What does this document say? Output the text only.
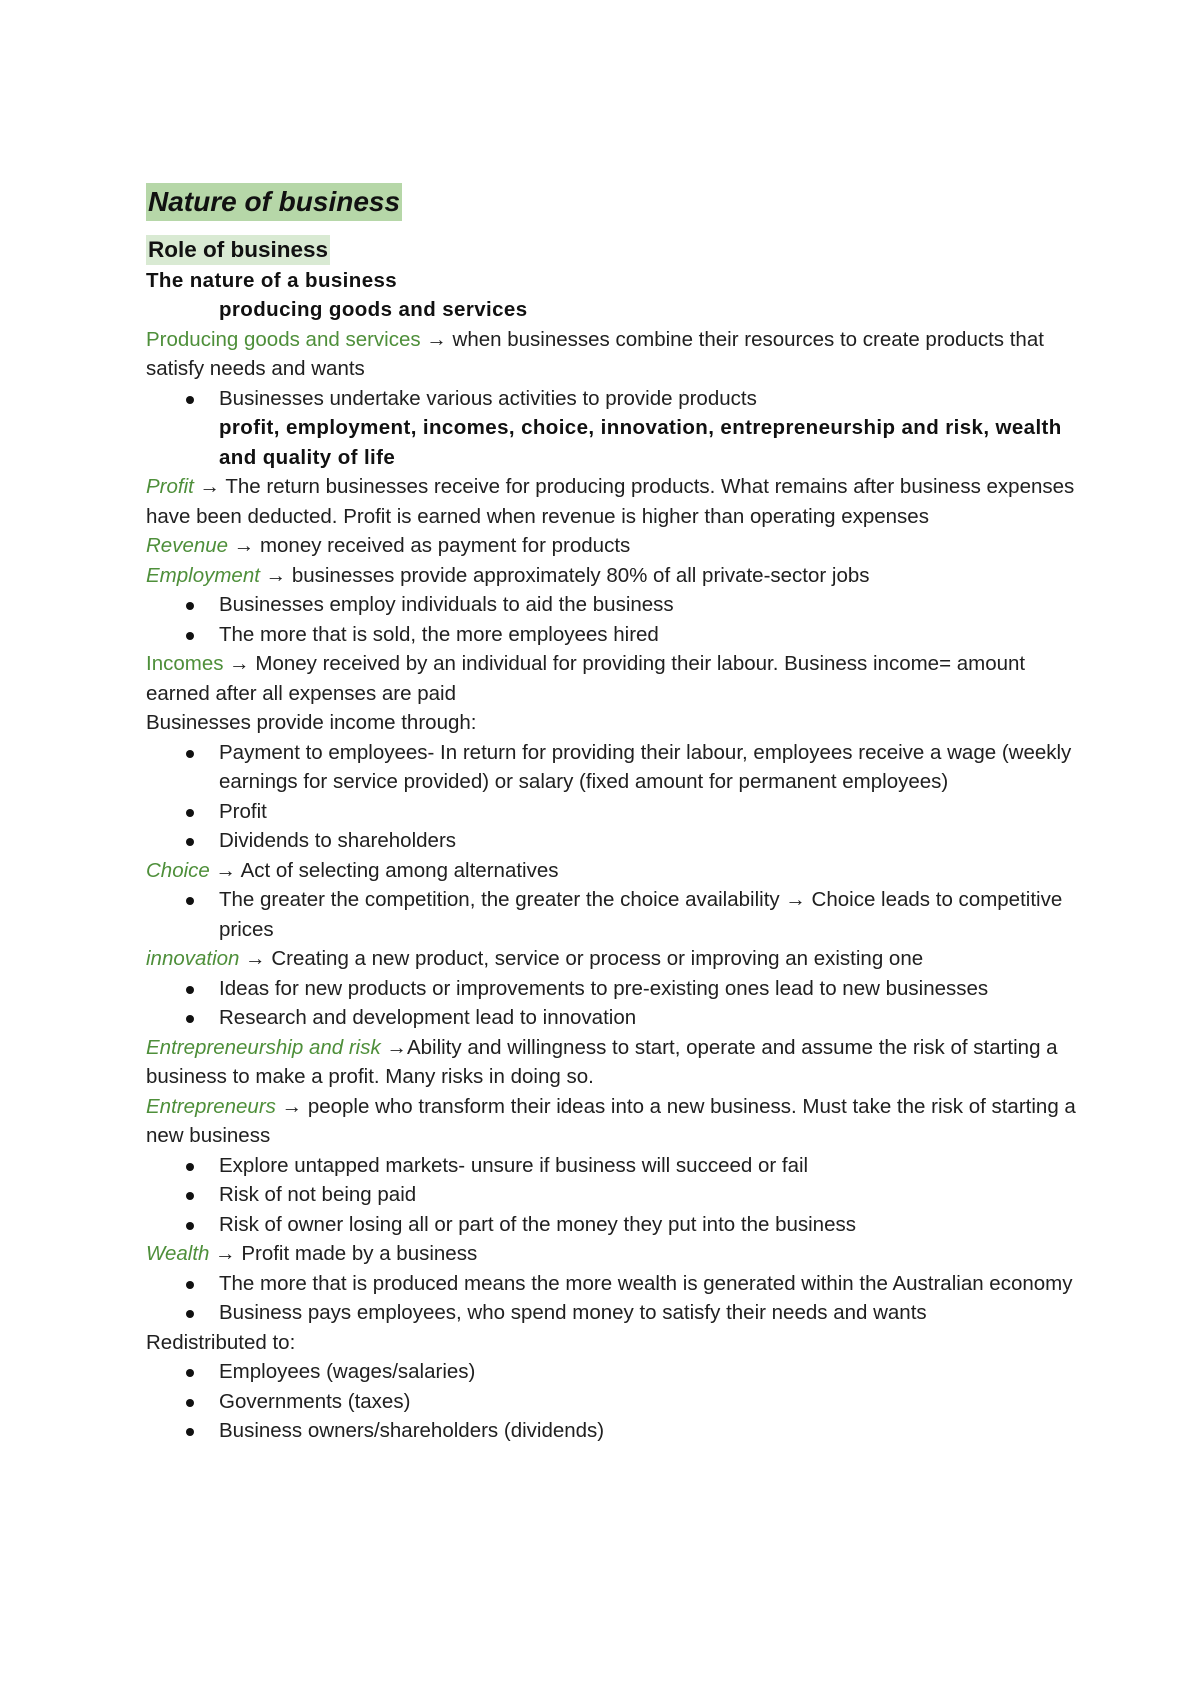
Nature of business
Role of business

The nature of a business

producing goods and services

Producing goods and services → when businesses combine their resources to create products that satisfy needs and wants

Businesses undertake various activities to provide products

profit, employment, incomes, choice, innovation, entrepreneurship and risk, wealth and quality of life

Profit → The return businesses receive for producing products. What remains after business expenses have been deducted. Profit is earned when revenue is higher than operating expenses

Revenue → money received as payment for products

Employment → businesses provide approximately 80% of all private-sector jobs

Businesses employ individuals to aid the business
The more that is sold, the more employees hired

Incomes → Money received by an individual for providing their labour. Business income= amount earned after all expenses are paid

Businesses provide income through:

Payment to employees- In return for providing their labour, employees receive a wage (weekly earnings for service provided) or salary (fixed amount for permanent employees)
Profit
Dividends to shareholders

Choice → Act of selecting among alternatives

The greater the competition, the greater the choice availability → Choice leads to competitive prices

innovation → Creating a new product, service or process or improving an existing one

Ideas for new products or improvements to pre-existing ones lead to new businesses
Research and development lead to innovation

Entrepreneurship and risk →Ability and willingness to start, operate and assume the risk of starting a business to make a profit. Many risks in doing so.

Entrepreneurs → people who transform their ideas into a new business. Must take the risk of starting a new business

Explore untapped markets- unsure if business will succeed or fail
Risk of not being paid
Risk of owner losing all or part of the money they put into the business

Wealth → Profit made by a business

The more that is produced means the more wealth is generated within the Australian economy
Business pays employees, who spend money to satisfy their needs and wants

Redistributed to:

Employees (wages/salaries)
Governments (taxes)
Business owners/shareholders (dividends)
